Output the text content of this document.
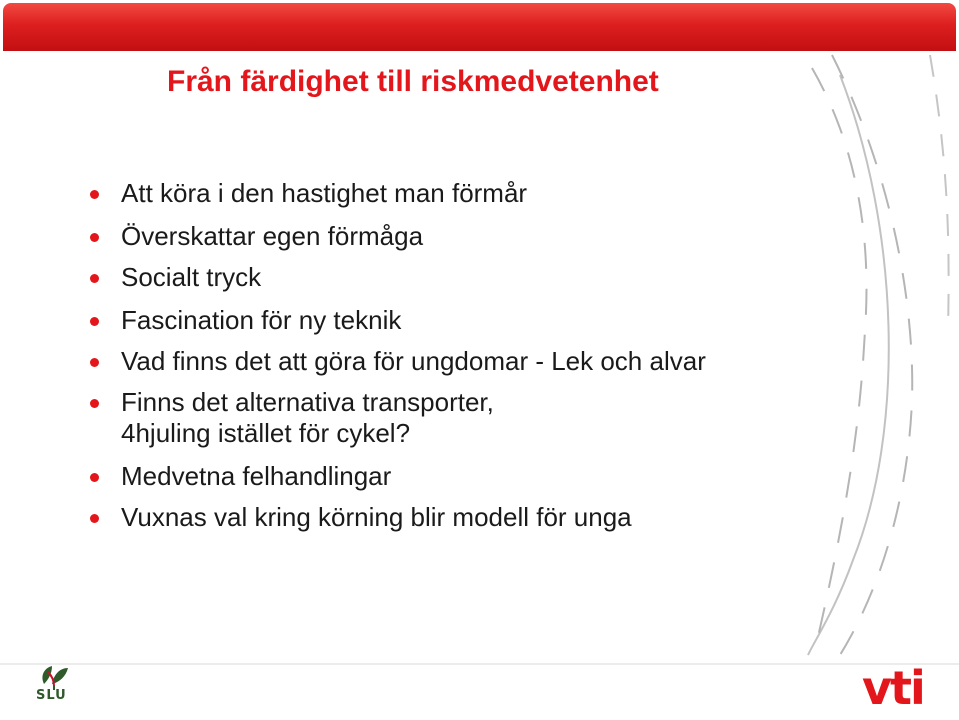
Från färdighet till riskmedvetenhet
Att köra i den hastighet man förmår
Överskattar egen förmåga
Socialt tryck
Fascination för ny teknik
Vad finns det att göra för ungdomar - Lek och alvar
Finns det alternativa transporter,
4hjuling istället för cykel?
Medvetna felhandlingar
Vuxnas val kring körning blir modell för unga
SLU	vti
